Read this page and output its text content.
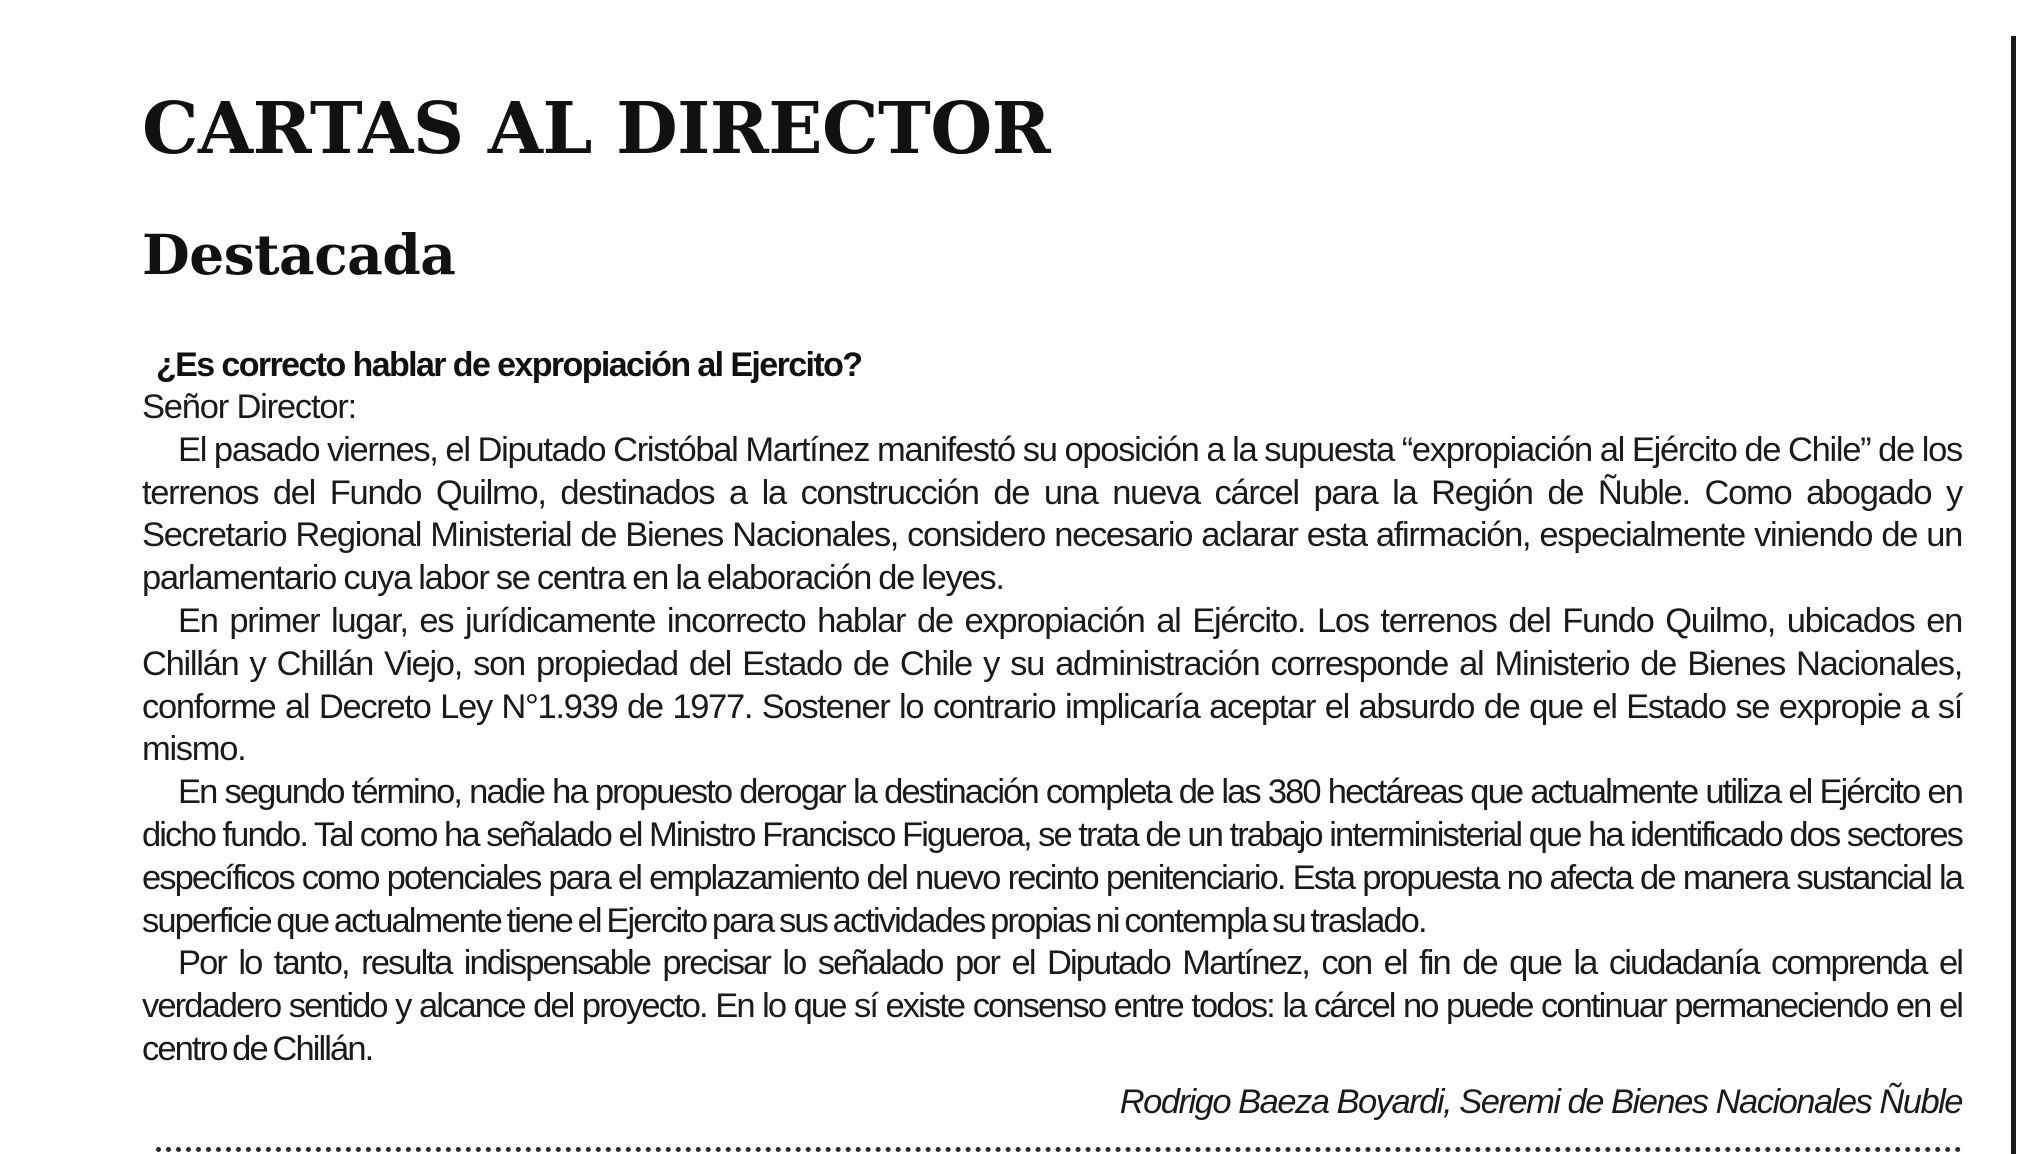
CARTAS AL DIRECTOR
Destacada
¿Es correcto hablar de expropiación al Ejercito?

Señor Director:

El pasado viernes, el Diputado Cristóbal Martínez manifestó su oposición a la supuesta “expropiación al Ejército de Chile” de los terrenos del Fundo Quilmo, destinados a la construcción de una nueva cárcel para la Región de Ñuble. Como abogado y Secretario Regional Ministerial de Bienes Nacionales, considero necesario aclarar esta afirmación, especialmente viniendo de un parlamentario cuya labor se centra en la elaboración de leyes.

En primer lugar, es jurídicamente incorrecto hablar de expropiación al Ejército. Los terrenos del Fundo Quilmo, ubicados en Chillán y Chillán Viejo, son propiedad del Estado de Chile y su administración corresponde al Ministerio de Bienes Nacionales, conforme al Decreto Ley N°1.939 de 1977. Sostener lo contrario implicaría aceptar el absurdo de que el Estado se expropie a sí mismo.

En segundo término, nadie ha propuesto derogar la destinación completa de las 380 hectáreas que actualmente utiliza el Ejército en dicho fundo. Tal como ha señalado el Ministro Francisco Figueroa, se trata de un trabajo interministerial que ha identificado dos sectores específicos como potenciales para el emplazamiento del nuevo recinto penitenciario. Esta propuesta no afecta de manera sustancial la superficie que actualmente tiene el Ejercito para sus actividades propias ni contempla su traslado.

Por lo tanto, resulta indispensable precisar lo señalado por el Diputado Martínez, con el fin de que la ciudadanía comprenda el verdadero sentido y alcance del proyecto. En lo que sí existe consenso entre todos: la cárcel no puede continuar permaneciendo en el centro de Chillán.

Rodrigo Baeza Boyardi, Seremi de Bienes Nacionales Ñuble
